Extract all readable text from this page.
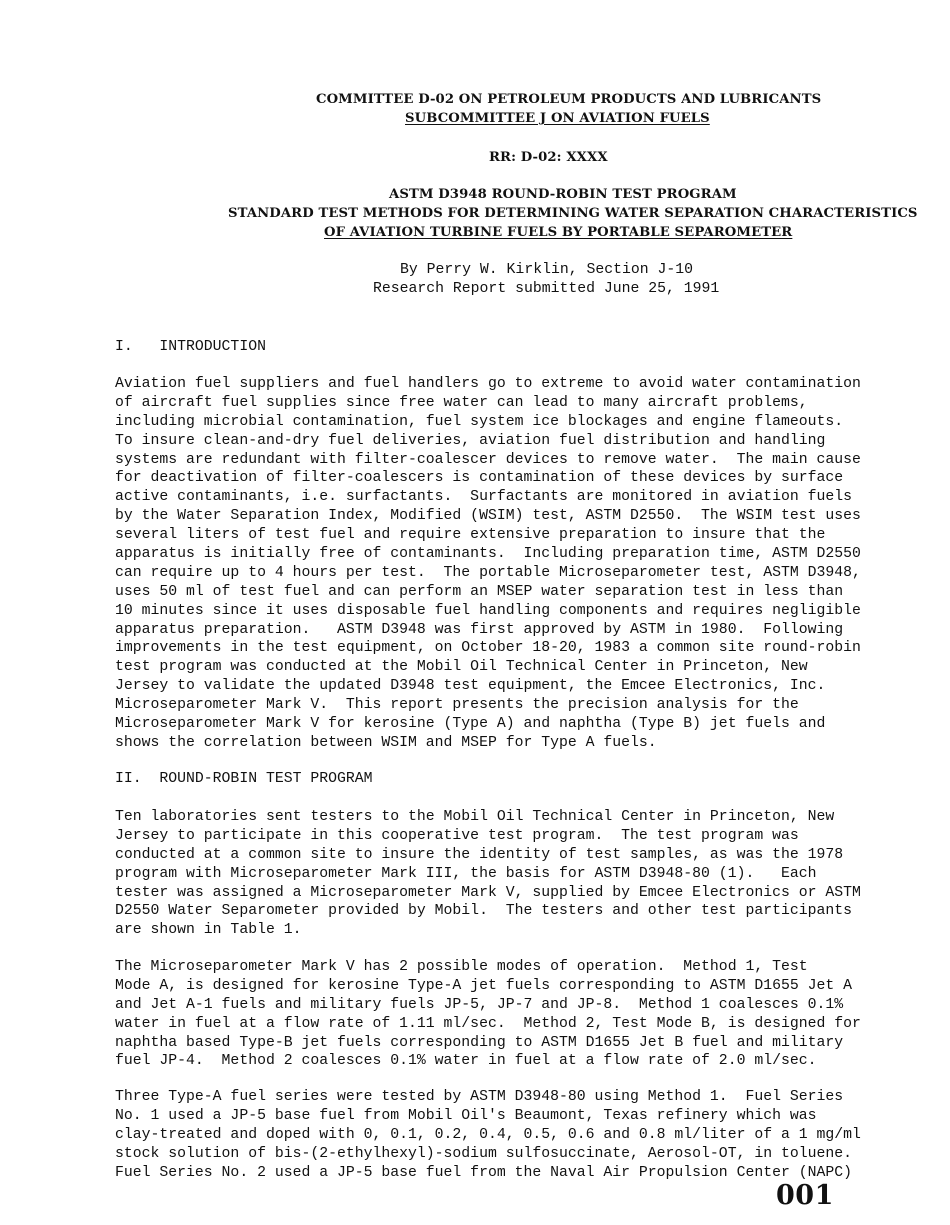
COMMITTEE D-02 ON PETROLEUM PRODUCTS AND LUBRICANTS
SUBCOMMITTEE J ON AVIATION FUELS
RR: D-02: XXXX
ASTM D3948 ROUND-ROBIN TEST PROGRAM
STANDARD TEST METHODS FOR DETERMINING WATER SEPARATION CHARACTERISTICS
OF AVIATION TURBINE FUELS BY PORTABLE SEPAROMETER
By Perry W. Kirklin, Section J-10
Research Report submitted June 25, 1991
I.   INTRODUCTION
Aviation fuel suppliers and fuel handlers go to extreme to avoid water contamination
of aircraft fuel supplies since free water can lead to many aircraft problems,
including microbial contamination, fuel system ice blockages and engine flameouts.
To insure clean-and-dry fuel deliveries, aviation fuel distribution and handling
systems are redundant with filter-coalescer devices to remove water.  The main cause
for deactivation of filter-coalescers is contamination of these devices by surface
active contaminants, i.e. surfactants.  Surfactants are monitored in aviation fuels
by the Water Separation Index, Modified (WSIM) test, ASTM D2550.  The WSIM test uses
several liters of test fuel and require extensive preparation to insure that the
apparatus is initially free of contaminants.  Including preparation time, ASTM D2550
can require up to 4 hours per test.  The portable Microseparometer test, ASTM D3948,
uses 50 ml of test fuel and can perform an MSEP water separation test in less than
10 minutes since it uses disposable fuel handling components and requires negligible
apparatus preparation.   ASTM D3948 was first approved by ASTM in 1980.  Following
improvements in the test equipment, on October 18-20, 1983 a common site round-robin
test program was conducted at the Mobil Oil Technical Center in Princeton, New
Jersey to validate the updated D3948 test equipment, the Emcee Electronics, Inc.
Microseparometer Mark V.  This report presents the precision analysis for the
Microseparometer Mark V for kerosine (Type A) and naphtha (Type B) jet fuels and
shows the correlation between WSIM and MSEP for Type A fuels.
II.  ROUND-ROBIN TEST PROGRAM
Ten laboratories sent testers to the Mobil Oil Technical Center in Princeton, New
Jersey to participate in this cooperative test program.  The test program was
conducted at a common site to insure the identity of test samples, as was the 1978
program with Microseparometer Mark III, the basis for ASTM D3948-80 (1).   Each
tester was assigned a Microseparometer Mark V, supplied by Emcee Electronics or ASTM
D2550 Water Separometer provided by Mobil.  The testers and other test participants
are shown in Table 1.
The Microseparometer Mark V has 2 possible modes of operation.  Method 1, Test
Mode A, is designed for kerosine Type-A jet fuels corresponding to ASTM D1655 Jet A
and Jet A-1 fuels and military fuels JP-5, JP-7 and JP-8.  Method 1 coalesces 0.1%
water in fuel at a flow rate of 1.11 ml/sec.  Method 2, Test Mode B, is designed for
naphtha based Type-B jet fuels corresponding to ASTM D1655 Jet B fuel and military
fuel JP-4.  Method 2 coalesces 0.1% water in fuel at a flow rate of 2.0 ml/sec.
Three Type-A fuel series were tested by ASTM D3948-80 using Method 1.  Fuel Series
No. 1 used a JP-5 base fuel from Mobil Oil's Beaumont, Texas refinery which was
clay-treated and doped with 0, 0.1, 0.2, 0.4, 0.5, 0.6 and 0.8 ml/liter of a 1 mg/ml
stock solution of bis-(2-ethylhexyl)-sodium sulfosuccinate, Aerosol-OT, in toluene.
Fuel Series No. 2 used a JP-5 base fuel from the Naval Air Propulsion Center (NAPC)
001
